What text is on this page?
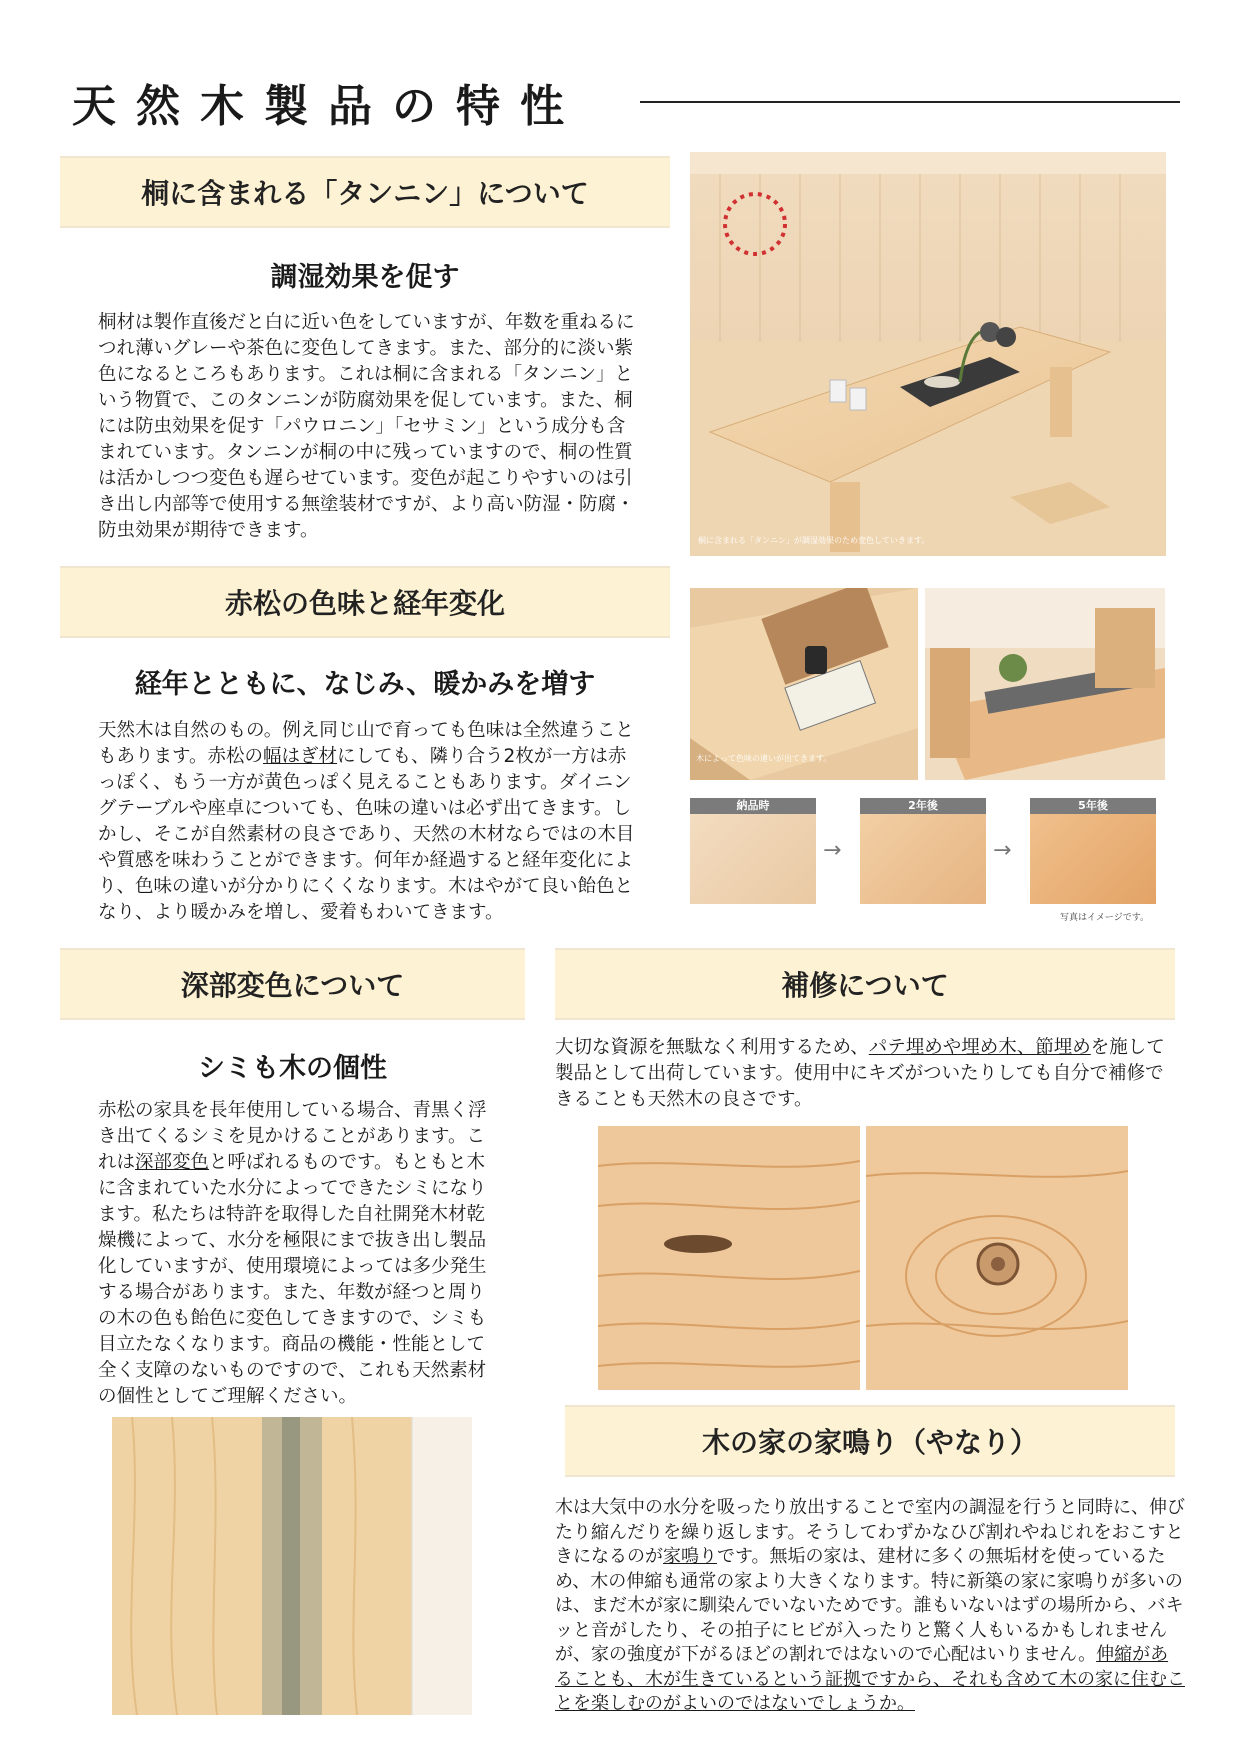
天然木製品の特性
桐に含まれる「タンニン」について
調湿効果を促す
桐材は製作直後だと白に近い色をしていますが、年数を重ねるにつれ薄いグレーや茶色に変色してきます。また、部分的に淡い紫色になるところもあります。これは桐に含まれる「タンニン」という物質で、このタンニンが防腐効果を促しています。また、桐には防虫効果を促す「パウロニン」「セサミン」という成分も含まれています。タンニンが桐の中に残っていますので、桐の性質は活かしつつ変色も遅らせています。変色が起こりやすいのは引き出し内部等で使用する無塗装材ですが、より高い防湿・防腐・防虫効果が期待できます。	桐に含まれる「タンニン」が調湿効果のため変色していきます。
赤松の色味と経年変化
経年とともに、なじみ、暖かみを増す
天然木は自然のもの。例え同じ山で育っても色味は全然違うこともあります。赤松の幅はぎ材にしても、隣り合う2枚が一方は赤っぽく、もう一方が黄色っぽく見えることもあります。ダイニングテーブルや座卓についても、色味の違いは必ず出てきます。しかし、そこが自然素材の良さであり、天然の木材ならではの木目や質感を味わうことができます。何年か経過すると経年変化により、色味の違いが分かりにくくなります。木はやがて良い飴色となり、より暖かみを増し、愛着もわいてきます。
木によって色味の違いが出てきます。
納品時
→
2年後
→
5年後
写真はイメージです。
深部変色について
シミも木の個性
赤松の家具を長年使用している場合、青黒く浮き出てくるシミを見かけることがあります。これは深部変色と呼ばれるものです。もともと木に含まれていた水分によってできたシミになります。私たちは特許を取得した自社開発木材乾燥機によって、水分を極限にまで抜き出し製品化していますが、使用環境によっては多少発生する場合があります。また、年数が経つと周りの木の色も飴色に変色してきますので、シミも目立たなくなります。商品の機能・性能として全く支障のないものですので、これも天然素材の個性としてご理解ください。
補修について
大切な資源を無駄なく利用するため、パテ埋めや埋め木、節埋めを施して製品として出荷しています。使用中にキズがついたりしても自分で補修できることも天然木の良さです。
木の家の家鳴り（やなり）
木は大気中の水分を吸ったり放出することで室内の調湿を行うと同時に、伸びたり縮んだりを繰り返します。そうしてわずかなひび割れやねじれをおこすときになるのが家鳴りです。無垢の家は、建材に多くの無垢材を使っているため、木の伸縮も通常の家より大きくなります。特に新築の家に家鳴りが多いのは、まだ木が家に馴染んでいないためです。誰もいないはずの場所から、バキッと音がしたり、その拍子にヒビが入ったりと驚く人もいるかもしれませんが、家の強度が下がるほどの割れではないので心配はいりません。伸縮があることも、木が生きているという証拠ですから、それも含めて木の家に住むことを楽しむのがよいのではないでしょうか。
